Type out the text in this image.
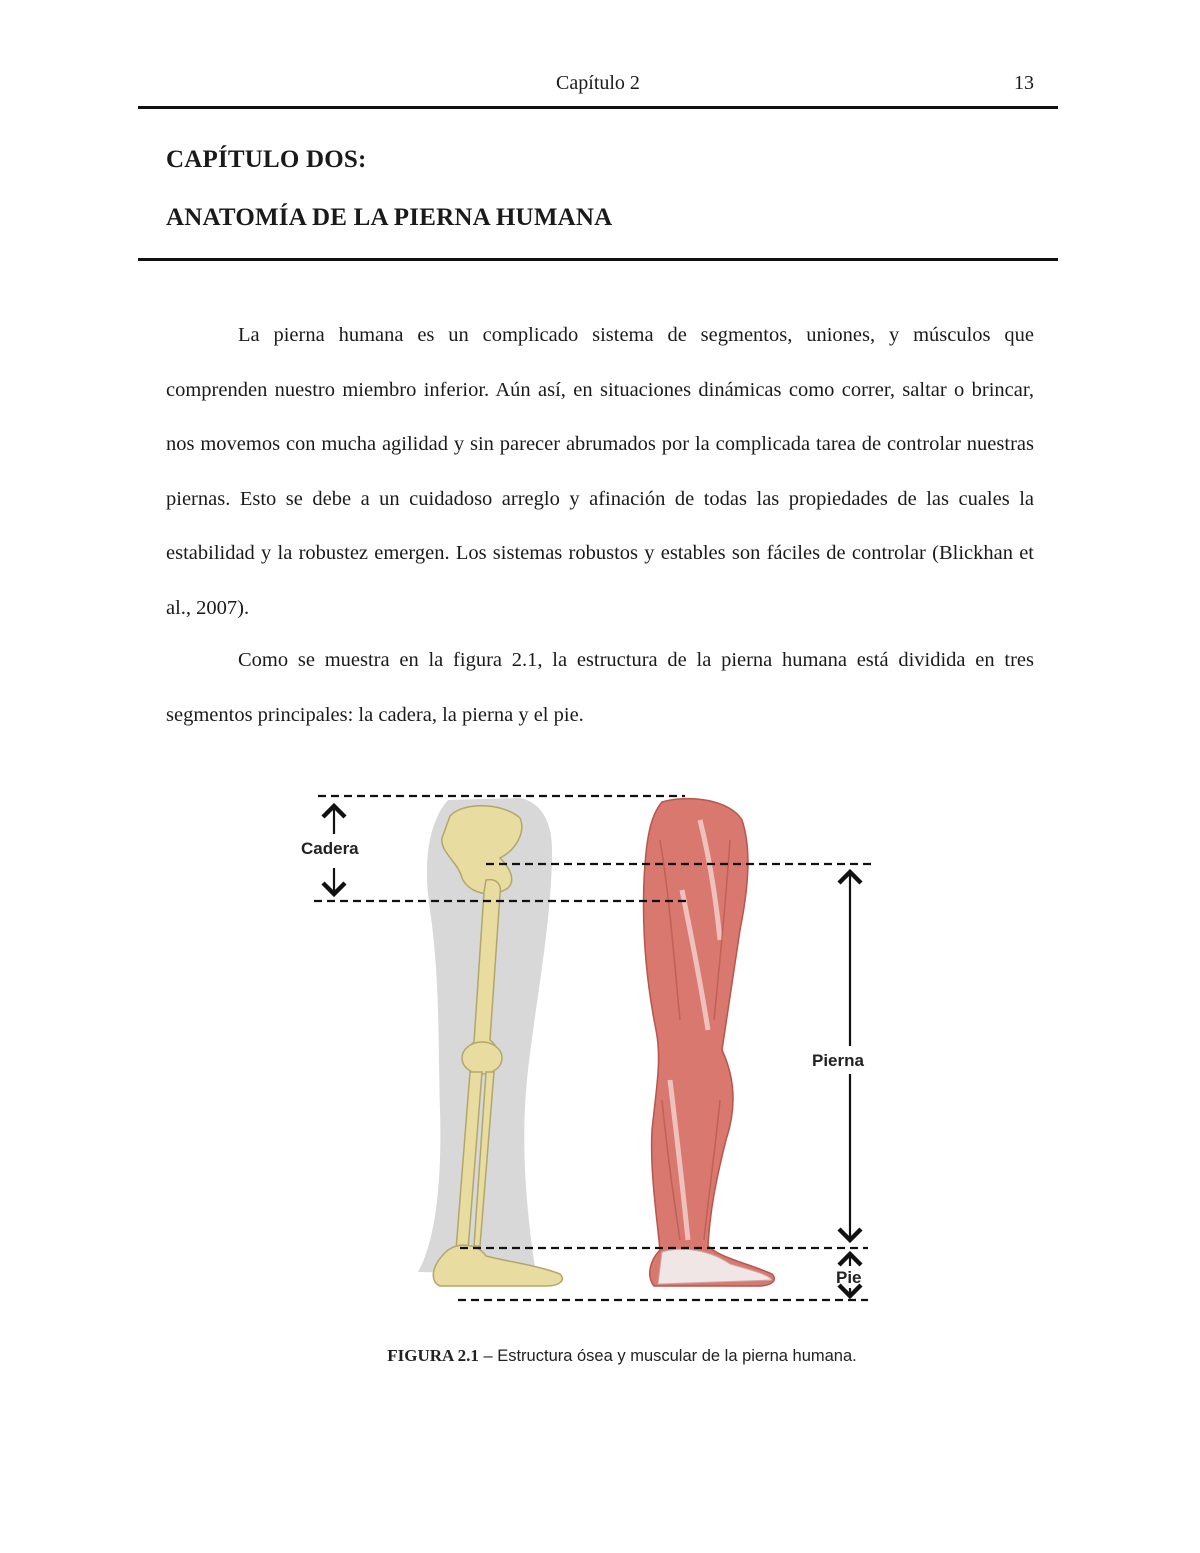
Capítulo 2	13
CAPÍTULO DOS:
ANATOMÍA DE LA PIERNA HUMANA

La pierna humana es un complicado sistema de segmentos, uniones, y músculos que comprenden nuestro miembro inferior. Aún así, en situaciones dinámicas como correr, saltar o brincar, nos movemos con mucha agilidad y sin parecer abrumados por la complicada tarea de controlar nuestras piernas. Esto se debe a un cuidadoso arreglo y afinación de todas las propiedades de las cuales la estabilidad y la robustez emergen. Los sistemas robustos y estables son fáciles de controlar (Blickhan et al., 2007).

Como se muestra en la figura 2.1, la estructura de la pierna humana está dividida en tres segmentos principales: la cadera, la pierna y el pie.

Cadera
Pierna
Pie
FIGURA 2.1 – Estructura ósea y muscular de la pierna humana.
